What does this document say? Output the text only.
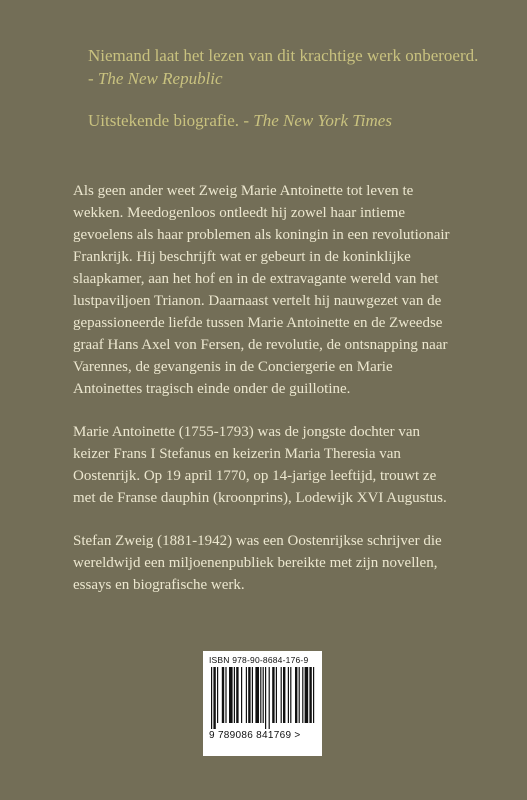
Niemand laat het lezen van dit krachtige werk onberoerd. - The New Republic

Uitstekende biografie. - The New York Times

Als geen ander weet Zweig Marie Antoinette tot leven te wekken. Meedogenloos ontleedt hij zowel haar intieme gevoelens als haar problemen als koningin in een revolutionair Frankrijk. Hij beschrijft wat er gebeurt in de koninklijke slaapkamer, aan het hof en in de extravagante wereld van het lustpaviljoen Trianon. Daarnaast vertelt hij nauwgezet van de gepassioneerde liefde tussen Marie Antoinette en de Zweedse graaf Hans Axel von Fersen, de revolutie, de ontsnapping naar Varennes, de gevangenis in de Conciergerie en Marie Antoinettes tragisch einde onder de guillotine.

Marie Antoinette (1755-1793) was de jongste dochter van keizer Frans I Stefanus en keizerin Maria Theresia van Oostenrijk. Op 19 april 1770, op 14-jarige leeftijd, trouwt ze met de Franse dauphin (kroonprins), Lodewijk XVI Augustus.

Stefan Zweig (1881-1942) was een Oostenrijkse schrijver die wereldwijd een miljoenenpubliek bereikte met zijn novellen, essays en biografische werk.

ISBN 978-90-8684-176-9
9 789086 841769 >
